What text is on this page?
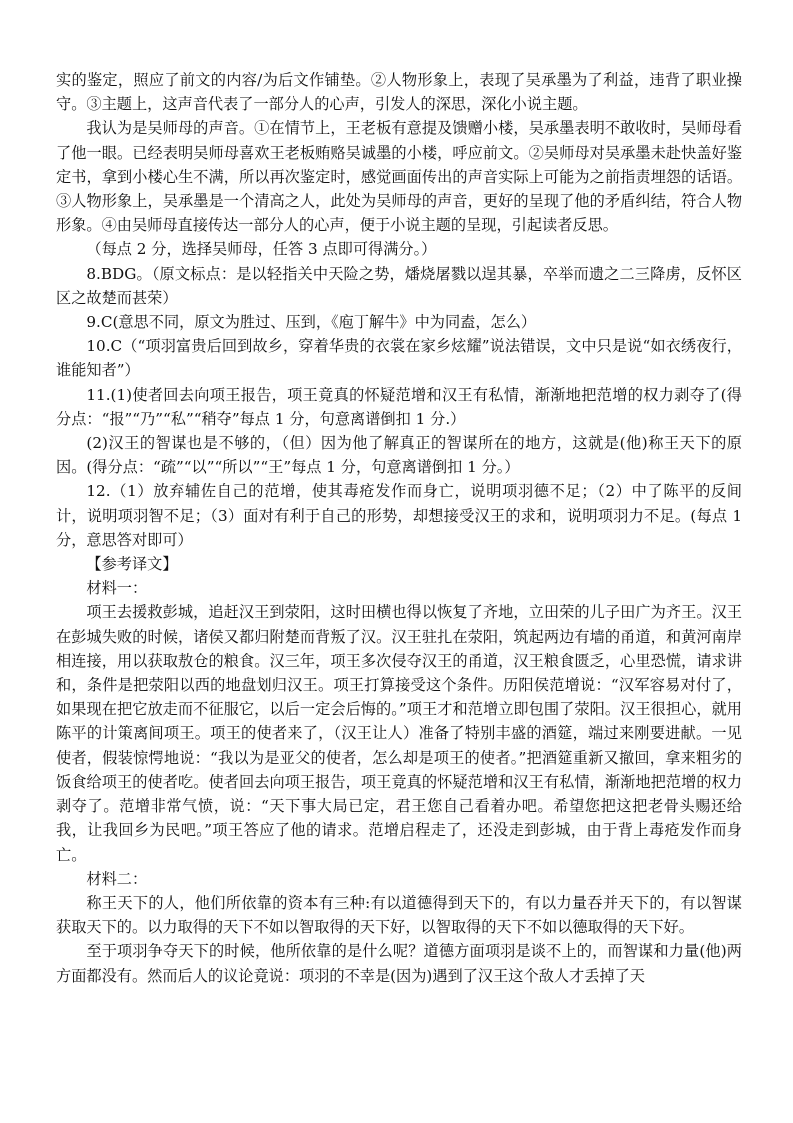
实的鉴定，照应了前文的内容/为后文作铺垫。②人物形象上，表现了吴承墨为了利益，违背了职业操守。③主题上，这声音代表了一部分人的心声，引发人的深思，深化小说主题。

我认为是吴师母的声音。①在情节上，王老板有意提及馈赠小楼，吴承墨表明不敢收时，吴师母看了他一眼。已经表明吴师母喜欢王老板贿赂吴诚墨的小楼，呼应前文。②吴师母对吴承墨未赴快盖好鉴定书，拿到小楼心生不满，所以再次鉴定时，感觉画面传出的声音实际上可能为之前指责埋怨的话语。③人物形象上，吴承墨是一个清高之人，此处为吴师母的声音，更好的呈现了他的矛盾纠结，符合人物形象。④由吴师母直接传达一部分人的心声，便于小说主题的呈现，引起读者反思。

（每点 2 分，选择吴师母，任答 3 点即可得满分。）

8.BDG。（原文标点：是以轻指关中天险之势，燔烧屠戮以逞其暴，卒举而遗之二三降虏，反怀区区之故楚而甚荣）

9.C(意思不同，原文为胜过、压到，《庖丁解牛》中为同盍，怎么）

10.C（“项羽富贵后回到故乡，穿着华贵的衣裳在家乡炫耀”说法错误，文中只是说“如衣绣夜行，谁能知者”）

11.(1)使者回去向项王报告，项王竟真的怀疑范增和汉王有私情，渐渐地把范增的权力剥夺了(得分点：“报”“乃”“私”“稍夺”每点 1 分，句意离谱倒扣 1 分.）

(2)汉王的智谋也是不够的，（但）因为他了解真正的智谋所在的地方，这就是(他)称王天下的原因。(得分点：“疏”“以”“所以”“王”每点 1 分，句意离谱倒扣 1 分。）

12.（1）放弃辅佐自己的范增，使其毒疮发作而身亡，说明项羽德不足；（2）中了陈平的反间计，说明项羽智不足；（3）面对有利于自己的形势，却想接受汉王的求和，说明项羽力不足。(每点 1 分，意思答对即可）

【参考译文】

材料一：

项王去援救彭城，追赶汉王到荥阳，这时田横也得以恢复了齐地，立田荣的儿子田广为齐王。汉王在彭城失败的时候，诸侯又都归附楚而背叛了汉。汉王驻扎在荥阳，筑起两边有墙的甬道，和黄河南岸相连接，用以获取敖仓的粮食。汉三年，项王多次侵夺汉王的甬道，汉王粮食匮乏，心里恐慌，请求讲和，条件是把荥阳以西的地盘划归汉王。项王打算接受这个条件。历阳侯范增说：“汉军容易对付了，如果现在把它放走而不征服它，以后一定会后悔的。”项王才和范增立即包围了荥阳。汉王很担心，就用陈平的计策离间项王。项王的使者来了，（汉王让人）准备了特别丰盛的酒筵，端过来刚要进献。一见使者，假装惊愕地说：“我以为是亚父的使者，怎么却是项王的使者。”把酒筵重新又撤回，拿来粗劣的饭食给项王的使者吃。使者回去向项王报告，项王竟真的怀疑范增和汉王有私情，渐渐地把范增的权力剥夺了。范增非常气愤，说：“天下事大局已定，君王您自己看着办吧。希望您把这把老骨头赐还给我，让我回乡为民吧。”项王答应了他的请求。范增启程走了，还没走到彭城，由于背上毒疮发作而身亡。

材料二：

称王天下的人，他们所依靠的资本有三种:有以道德得到天下的，有以力量吞并天下的，有以智谋获取天下的。以力取得的天下不如以智取得的天下好，以智取得的天下不如以德取得的天下好。

至于项羽争夺天下的时候，他所依靠的是什么呢？道德方面项羽是谈不上的，而智谋和力量(他)两方面都没有。然而后人的议论竟说：项羽的不幸是(因为)遇到了汉王这个敌人才丢掉了天
